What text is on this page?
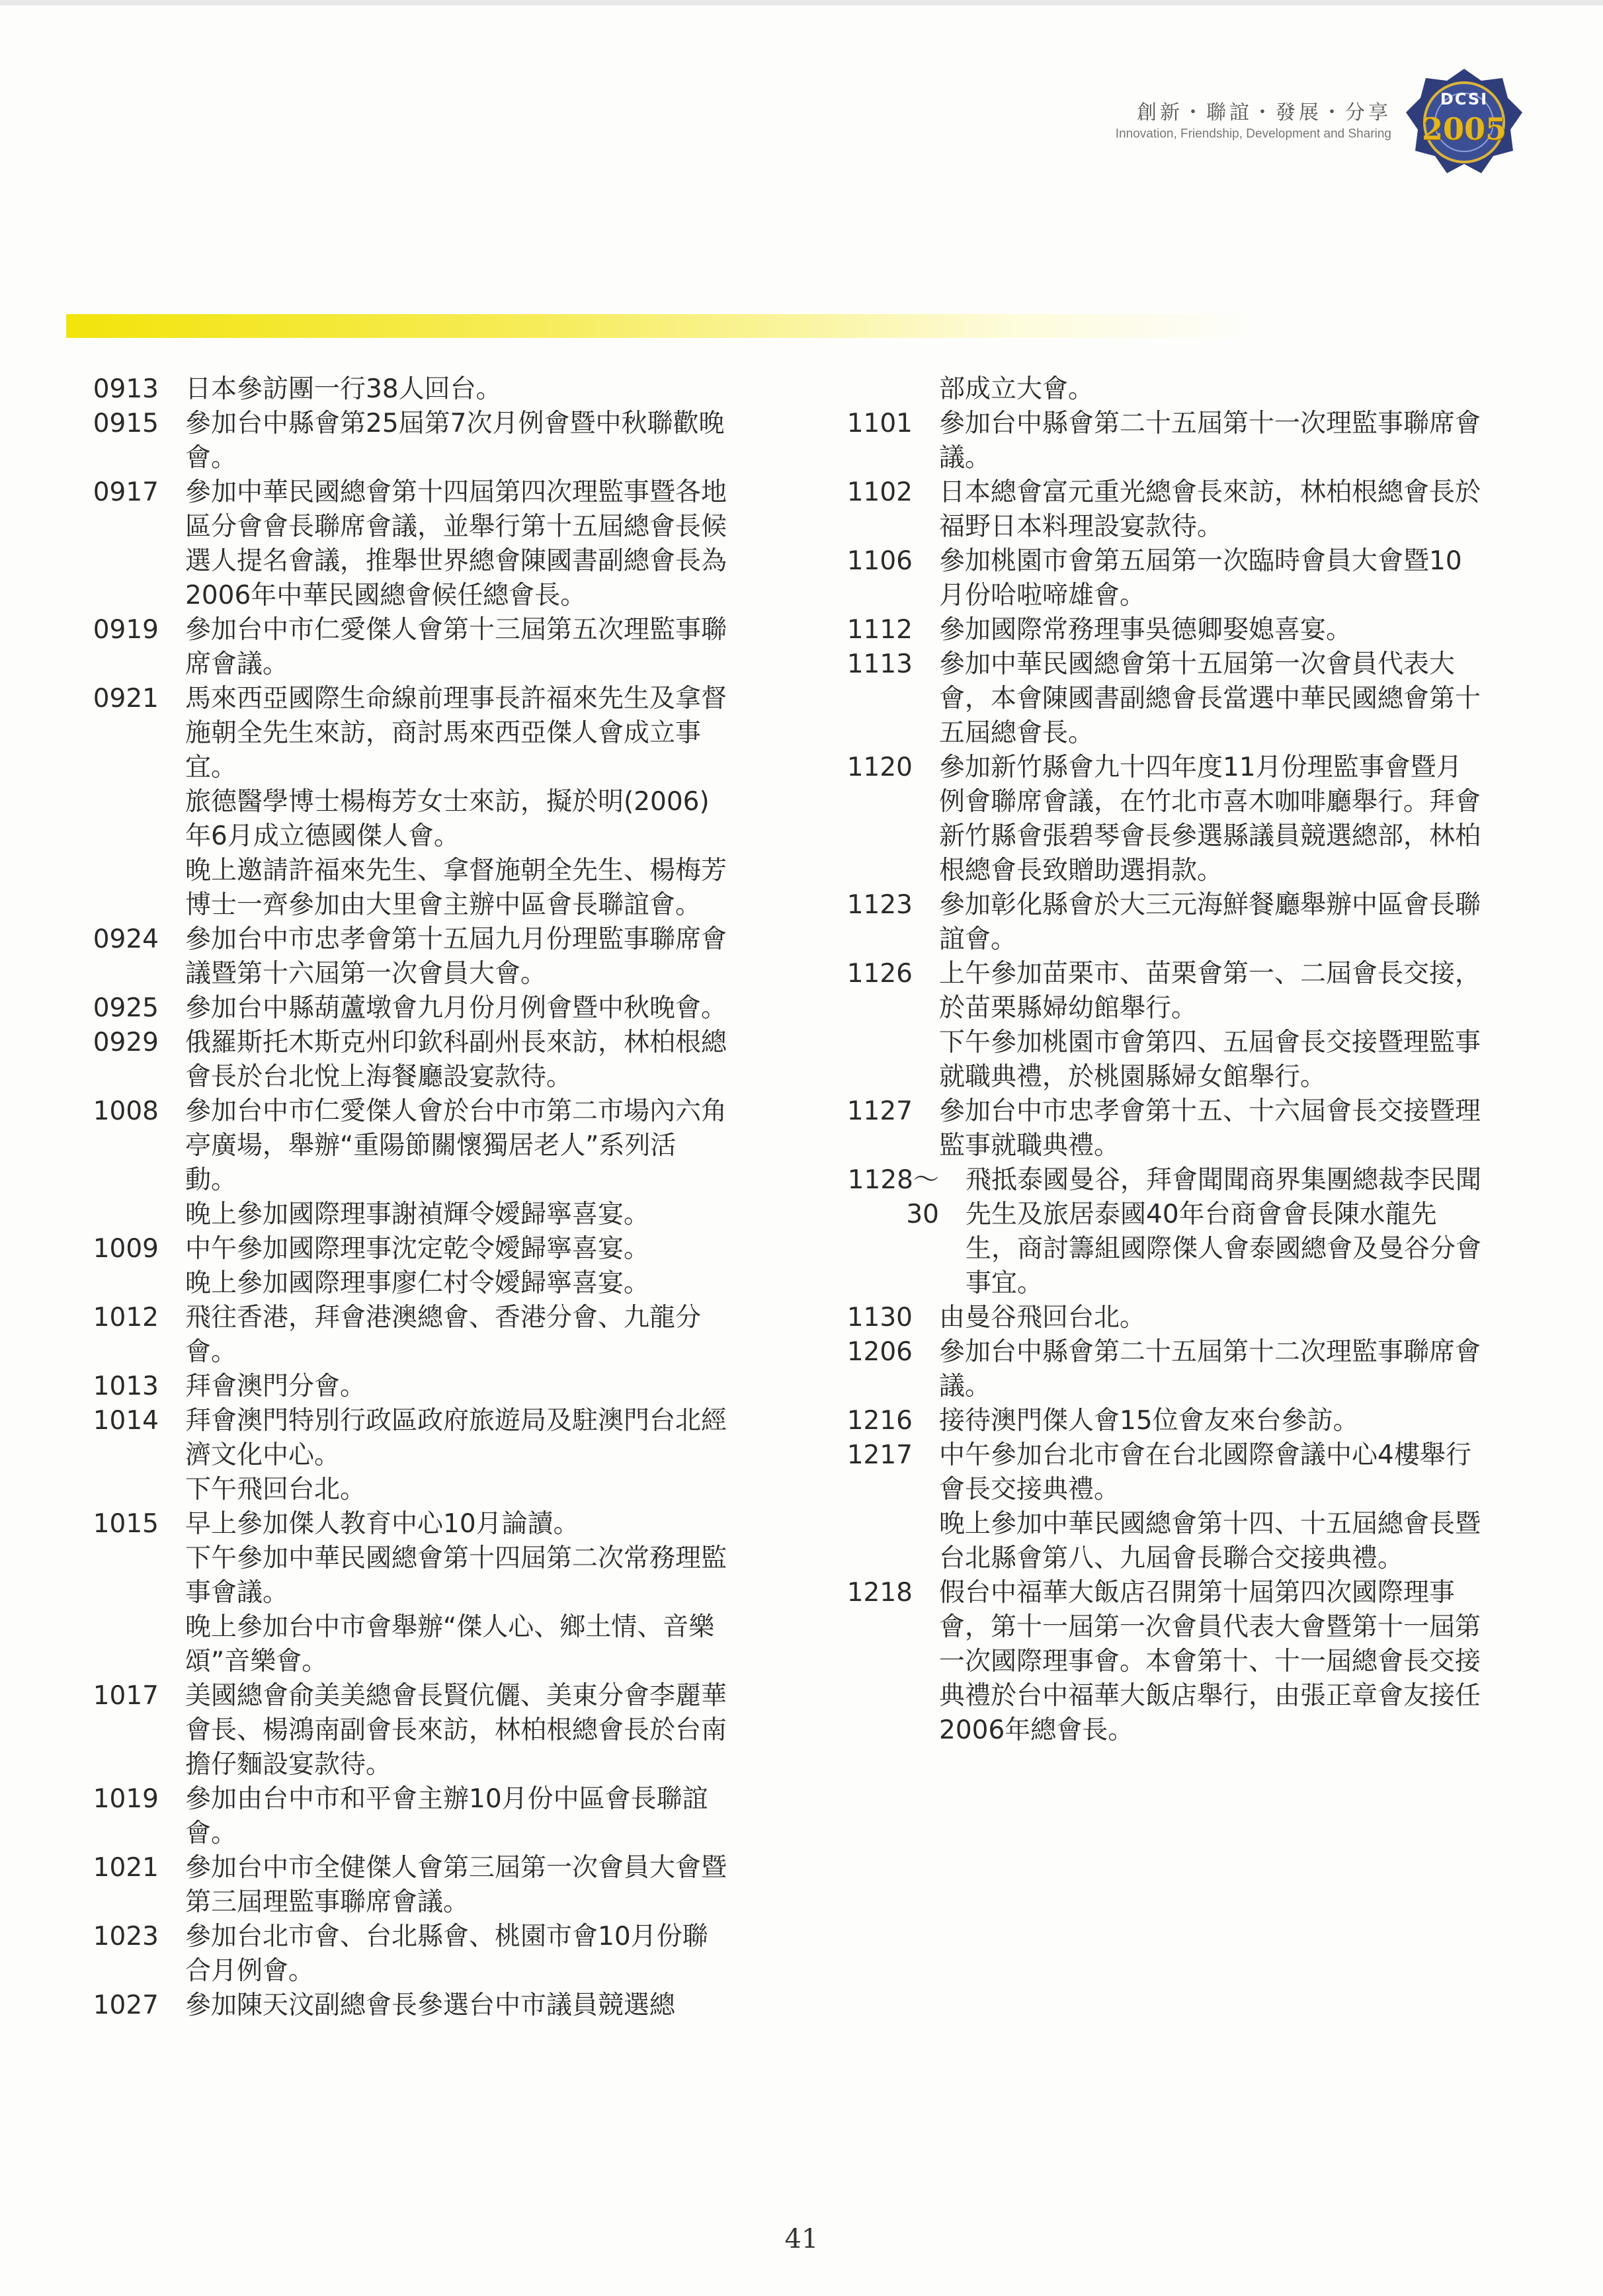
創新・聯誼・發展・分享
Innovation, Friendship, Development and Sharing
DCSI
2005
0913 日本參訪團一行38人回台。

0915 參加台中縣會第25屆第7次月例會暨中秋聯歡晚會。

0917 參加中華民國總會第十四屆第四次理監事暨各地區分會會長聯席會議，並舉行第十五屆總會長候選人提名會議，推舉世界總會陳國書副總會長為2006年中華民國總會候任總會長。

0919 參加台中市仁愛傑人會第十三屆第五次理監事聯席會議。

0921 馬來西亞國際生命線前理事長許福來先生及拿督施朝全先生來訪，商討馬來西亞傑人會成立事宜。

旅德醫學博士楊梅芳女士來訪，擬於明(2006)年6月成立德國傑人會。

晚上邀請許福來先生、拿督施朝全先生、楊梅芳博士一齊參加由大里會主辦中區會長聯誼會。

0924 參加台中市忠孝會第十五屆九月份理監事聯席會議暨第十六屆第一次會員大會。

0925 參加台中縣葫蘆墩會九月份月例會暨中秋晚會。

0929 俄羅斯托木斯克州印欽科副州長來訪，林柏根總會長於台北悅上海餐廳設宴款待。

1008 參加台中市仁愛傑人會於台中市第二市場內六角亭廣場，舉辦“重陽節關懷獨居老人”系列活動。

晚上參加國際理事謝禎輝令嬡歸寧喜宴。

1009 中午參加國際理事沈定乾令嬡歸寧喜宴。

晚上參加國際理事廖仁村令嬡歸寧喜宴。

1012 飛往香港，拜會港澳總會、香港分會、九龍分會。

1013 拜會澳門分會。

1014 拜會澳門特別行政區政府旅遊局及駐澳門台北經濟文化中心。

下午飛回台北。

1015 早上參加傑人教育中心10月論讀。

下午參加中華民國總會第十四屆第二次常務理監事會議。

晚上參加台中市會舉辦“傑人心、鄉土情、音樂頌”音樂會。

1017 美國總會俞美美總會長賢伉儷、美東分會李麗華會長、楊鴻南副會長來訪，林柏根總會長於台南擔仔麵設宴款待。

1019 參加由台中市和平會主辦10月份中區會長聯誼會。

1021 參加台中市全健傑人會第三屆第一次會員大會暨第三屆理監事聯席會議。

1023 參加台北市會、台北縣會、桃園市會10月份聯合月例會。

1027 參加陳天汶副總會長參選台中市議員競選總

部成立大會。

1101 參加台中縣會第二十五屆第十一次理監事聯席會議。

1102 日本總會富元重光總會長來訪，林柏根總會長於福野日本料理設宴款待。

1106 參加桃園市會第五屆第一次臨時會員大會暨10月份哈啦啼雄會。

1112 參加國際常務理事吳德卿娶媳喜宴。

1113 參加中華民國總會第十五屆第一次會員代表大會，本會陳國書副總會長當選中華民國總會第十五屆總會長。

1120 參加新竹縣會九十四年度11月份理監事會暨月例會聯席會議，在竹北市喜木咖啡廳舉行。拜會新竹縣會張碧琴會長參選縣議員競選總部，林柏根總會長致贈助選捐款。

1123 參加彰化縣會於大三元海鮮餐廳舉辦中區會長聯誼會。

1126 上午參加苗栗市、苗栗會第一、二屆會長交接，於苗栗縣婦幼館舉行。

下午參加桃園市會第四、五屆會長交接暨理監事就職典禮，於桃園縣婦女館舉行。

1127 參加台中市忠孝會第十五、十六屆會長交接暨理監事就職典禮。

1128～30

飛抵泰國曼谷，拜會聞聞商界集團總裁李民聞先生及旅居泰國40年台商會會長陳水龍先生，商討籌組國際傑人會泰國總會及曼谷分會事宜。

1130 由曼谷飛回台北。

1206 參加台中縣會第二十五屆第十二次理監事聯席會議。

1216 接待澳門傑人會15位會友來台參訪。

1217 中午參加台北市會在台北國際會議中心4樓舉行會長交接典禮。

晚上參加中華民國總會第十四、十五屆總會長暨台北縣會第八、九屆會長聯合交接典禮。

1218 假台中福華大飯店召開第十屆第四次國際理事會，第十一屆第一次會員代表大會暨第十一屆第一次國際理事會。本會第十、十一屆總會長交接典禮於台中福華大飯店舉行，由張正章會友接任2006年總會長。

41
